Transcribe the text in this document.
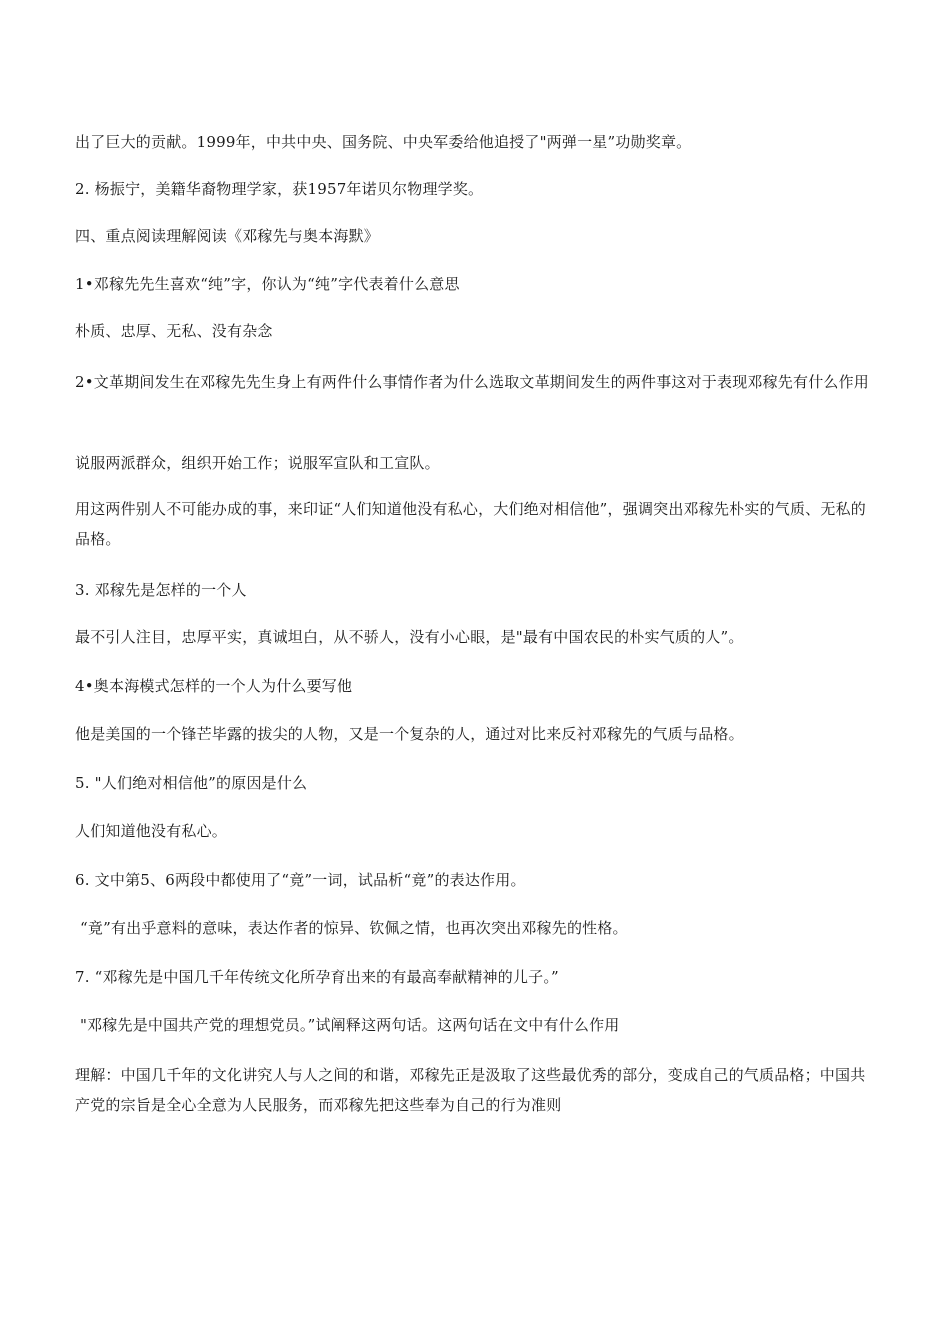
出了巨大的贡献。1999年，中共中央、国务院、中央军委给他追授了"两弹一星”功勋奖章。
2. 杨振宁，美籍华裔物理学家，获1957年诺贝尔物理学奖。
四、重点阅读理解阅读《邓稼先与奥本海默》
1•邓稼先先生喜欢“纯”字，你认为“纯”字代表着什么意思
朴质、忠厚、无私、没有杂念
2•文革期间发生在邓稼先先生身上有两件什么事情作者为什么选取文革期间发生的两件事这对于表现邓稼先有什么作用
说服两派群众，组织开始工作；说服军宣队和工宣队。
用这两件别人不可能办成的事，来印证“人们知道他没有私心，大们绝对相信他”，强调突出邓稼先朴实的气质、无私的品格。
3. 邓稼先是怎样的一个人
最不引人注目，忠厚平实，真诚坦白，从不骄人，没有小心眼，是"最有中国农民的朴实气质的人”。
4•奥本海模式怎样的一个人为什么要写他
他是美国的一个锋芒毕露的拔尖的人物，又是一个复杂的人，通过对比来反衬邓稼先的气质与品格。
5. "人们绝对相信他”的原因是什么
人们知道他没有私心。
6. 文中第5、6两段中都使用了“竟”一词，试品析“竟”的表达作用。
“竟”有出乎意料的意味，表达作者的惊异、钦佩之情，也再次突出邓稼先的性格。
7. “邓稼先是中国几千年传统文化所孕育出来的有最高奉献精神的儿子。”
"邓稼先是中国共产党的理想党员。”试阐释这两句话。这两句话在文中有什么作用
理解：中国几千年的文化讲究人与人之间的和谐，邓稼先正是汲取了这些最优秀的部分，变成自己的气质品格；中国共产党的宗旨是全心全意为人民服务，而邓稼先把这些奉为自己的行为准则
